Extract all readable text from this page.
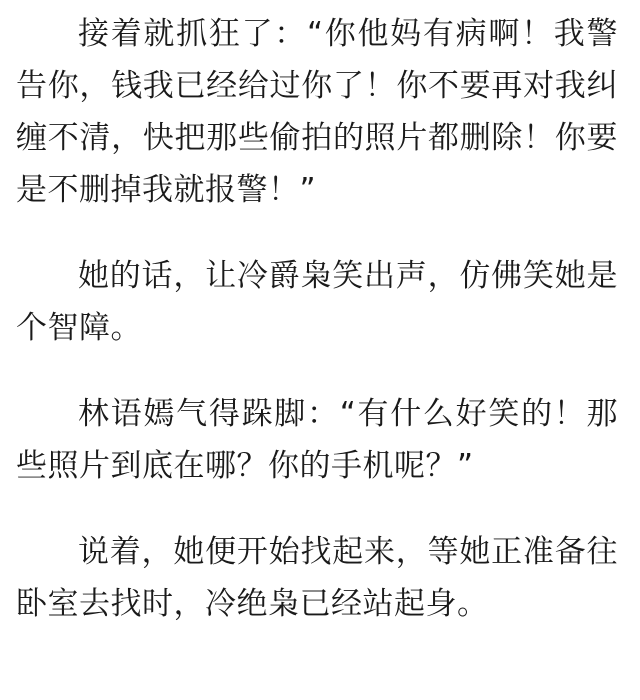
接着就抓狂了：“你他妈有病啊！我警告你，钱我已经给过你了！你不要再对我纠缠不清，快把那些偷拍的照片都删除！你要是不删掉我就报警！”

她的话，让冷爵枭笑出声，仿佛笑她是个智障。

林语嫣气得跺脚：“有什么好笑的！那些照片到底在哪？你的手机呢？”

说着，她便开始找起来，等她正准备往卧室去找时，冷绝枭已经站起身。
